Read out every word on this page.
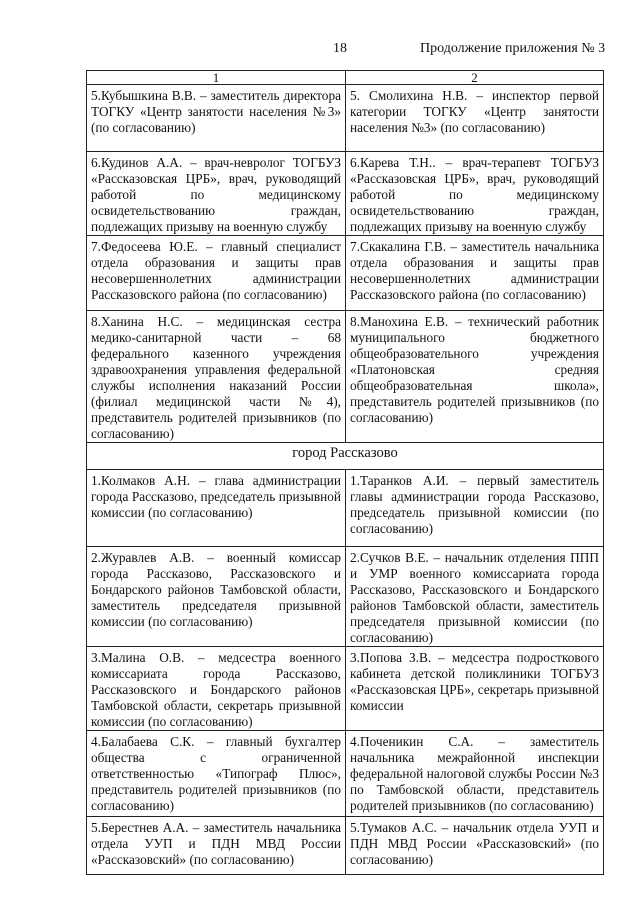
18	Продолжение приложения № 3
1	2
5.Кубышкина В.В. – заместитель директора ТОГКУ «Центр занятости населения №3» (по согласованию)	5. Смолихина Н.В. – инспектор первой категории ТОГКУ «Центр занятости населения №3» (по согласованию)
6.Кудинов А.А. – врач-невролог ТОГБУЗ «Рассказовская ЦРБ», врач, руководящий работой по медицинскому освидетельствованию граждан, подлежащих призыву на военную службу	6.Карева Т.Н.. – врач-терапевт ТОГБУЗ «Рассказовская ЦРБ», врач, руководящий работой по медицинскому освидетельствованию граждан, подлежащих призыву на военную службу
7.Федосеева Ю.Е. – главный специалист отдела образования и защиты прав несовершеннолетних администрации Рассказовского района (по согласованию)	7.Скакалина Г.В. – заместитель начальника отдела образования и защиты прав несовершеннолетних администрации Рассказовского района (по согласованию)
8.Ханина Н.С. – медицинская сестра медико-санитарной части – 68 федерального казенного учреждения здравоохранения управления федеральной службы исполнения наказаний России (филиал медицинской части №4), представитель родителей призывников (по согласованию)	8.Манохина Е.В. – технический работник муниципального бюджетного общеобразовательного учреждения «Платоновская средняя общеобразовательная школа», представитель родителей призывников (по согласованию)
город Рассказово	
1.Колмаков А.Н. – глава администрации города Рассказово, председатель призывной комиссии (по согласованию)	1.Таранков А.И. – первый заместитель главы администрации города Рассказово, председатель призывной комиссии (по согласованию)
2.Журавлев А.В. – военный комиссар города Рассказово, Рассказовского и Бондарского районов Тамбовской области, заместитель председателя призывной комиссии (по согласованию)	2.Сучков В.Е. – начальник отделения ППП и УМР военного комиссариата города Рассказово, Рассказовского и Бондарского районов Тамбовской области, заместитель председателя призывной комиссии (по согласованию)
3.Малина О.В. – медсестра военного комиссариата города Рассказово, Рассказовского и Бондарского районов Тамбовской области, секретарь призывной комиссии (по согласованию)	3.Попова З.В. – медсестра подросткового кабинета детской поликлиники ТОГБУЗ «Рассказовская ЦРБ», секретарь призывной комиссии
4.Балабаева С.К. – главный бухгалтер общества с ограниченной ответственностью «Типограф Плюс», представитель родителей призывников (по согласованию)	4.Поченикин С.А. – заместитель начальника межрайонной инспекции федеральной налоговой службы России №3 по Тамбовской области, представитель родителей призывников (по согласованию)
5.Берестнев А.А. – заместитель начальника отдела УУП и ПДН МВД России «Рассказовский» (по согласованию)	5.Тумаков А.С. – начальник отдела УУП и ПДН МВД России «Рассказовский» (по согласованию)
